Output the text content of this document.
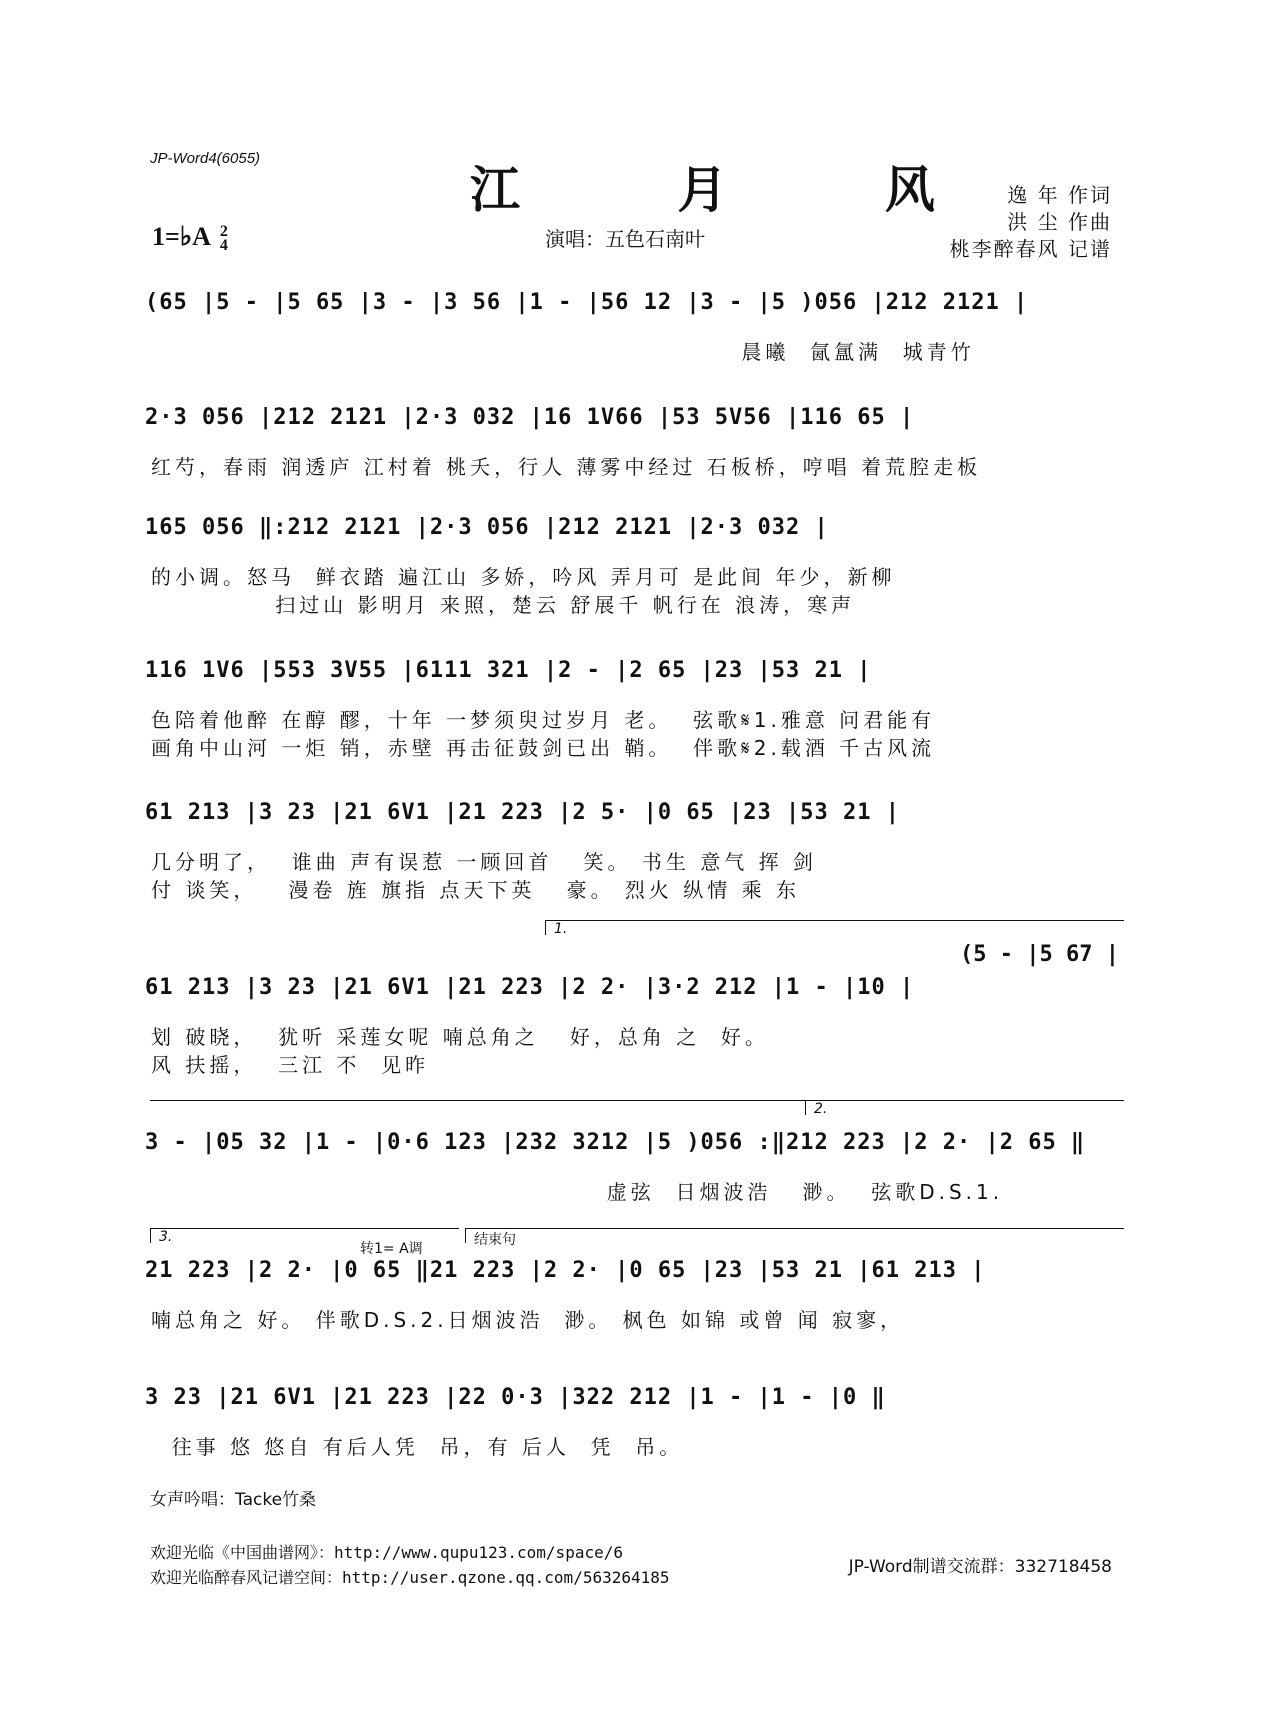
JP-Word4(6055)
江 月 风
1=♭A 2
4	演唱：五色石南叶
逸 年 作词
洪 尘 作曲
桃李醉春风 记谱
(65 |5 - |5 65 |3 - |3 56 |1 - |56 12 |3 - |5 )056 |212 2121 |
晨曦  氤氲满  城青竹
2·3 056 |212 2121 |2·3 032 |16 1V66 |53 5V56 |116 65 |
红芍，春雨 润透庐 江村着 桃夭，行人 薄雾中经过 石板桥，哼唱 着荒腔走板
165 056 ‖:212 2121 |2·3 056 |212 2121 |2·3 032 |
的小调。怒马  鲜衣踏 遍江山 多娇，吟风 弄月可 是此间 年少，新柳
扫过山 影明月 来照，楚云 舒展千 帆行在 浪涛，寒声
116 1V6 |553 3V55 |6111 321 |2 - |2 65 |23 |53 21 |
色陪着他醉 在醇 醪，十年 一梦须臾过岁月 老。  弦歌𝄋1.雅意 问君能有
画角中山河 一炬 销，赤壁 再击征鼓剑已出 鞘。  伴歌𝄋2.载酒 千古风流
61 213 |3 23 |21 6V1 |21 223 |2 5· |0 65 |23 |53 21 |
几分明了，  谁曲 声有误惹 一顾回首   笑。 书生 意气 挥 剑
付 谈笑，   漫卷 旌 旗指 点天下英   豪。 烈火 纵情 乘 东
1.
(5 - |5 67 |
61 213 |3 23 |21 6V1 |21 223 |2 2· |3·2 212 |1 - |10 |
划 破晓，  犹听 采莲女呢 喃总角之   好，总角 之  好。
风 扶摇，  三江 不  见昨
2.
3 - |05 32 |1 - |0·6 123 |232 3212 |5 )056 :‖212 223 |2 2· |2 65 ‖
虚弦  日烟波浩   渺。  弦歌D.S.1.
3.
转1= A调
结束句
21 223 |2 2· |0 65 ‖21 223 |2 2· |0 65 |23 |53 21 |61 213 |
喃总角之 好。 伴歌D.S.2.日烟波浩  渺。 枫色 如锦 或曾 闻 寂寥，
3 23 |21 6V1 |21 223 |22 0·3 |322 212 |1 - |1 - |0 ‖
往事 悠 悠自 有后人凭  吊，有 后人  凭  吊。
女声吟唱：Tacke竹桑
欢迎光临《中国曲谱网》：http://www.qupu123.com/space/6
欢迎光临醉春风记谱空间：http://user.qzone.qq.com/563264185
JP-Word制谱交流群：332718458
